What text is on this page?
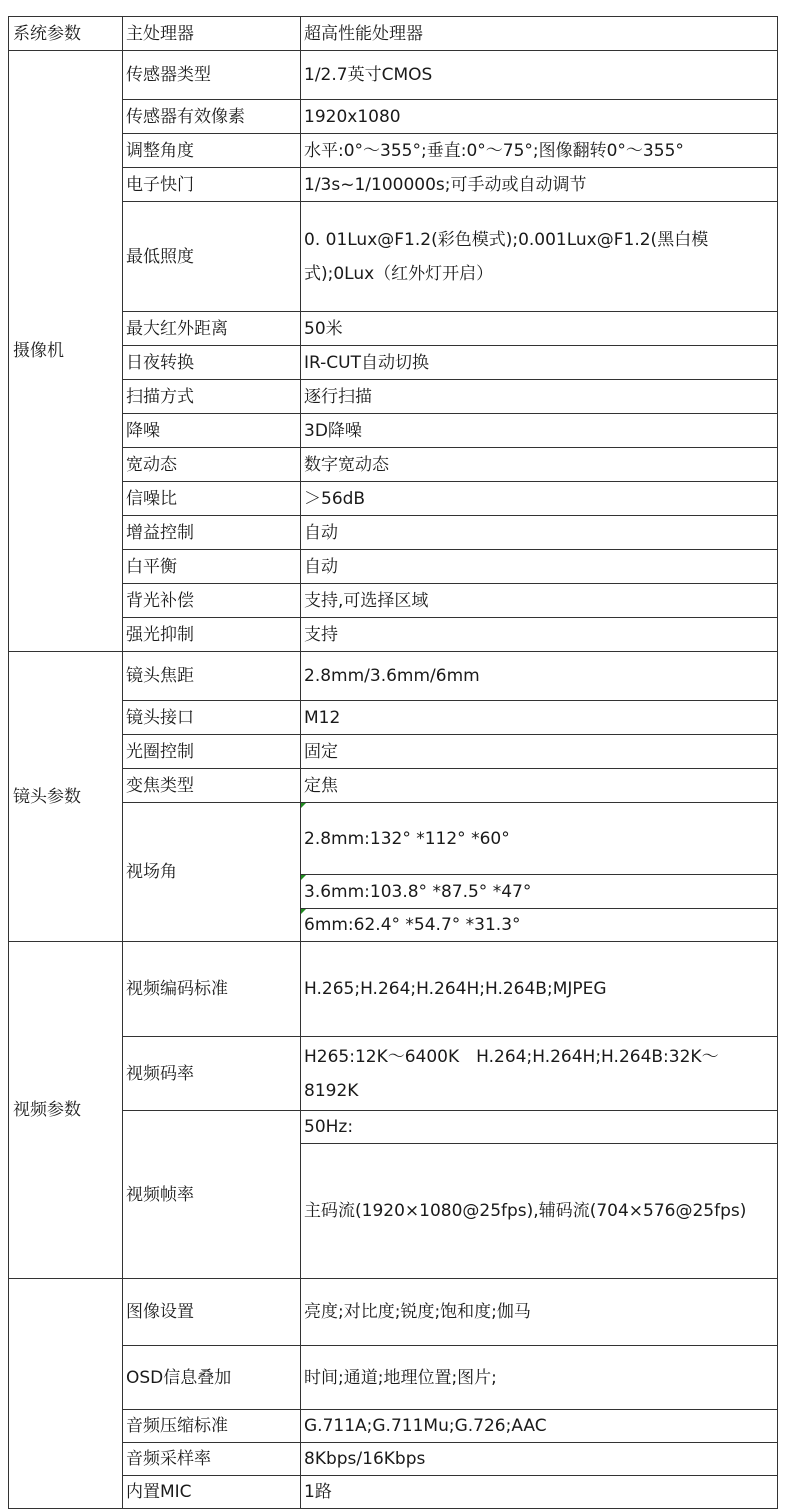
系统参数	主处理器	超高性能处理器
摄像机	传感器类型	1/2.7英寸CMOS
	传感器有效像素	1920x1080
	调整角度	水平:0°～355°;垂直:0°～75°;图像翻转0°～355°
	电子快门	1/3s~1/100000s;可手动或自动调节
	最低照度	0. 01Lux@F1.2(彩色模式);0.001Lux@F1.2(黑白模式);0Lux（红外灯开启）
	最大红外距离	50米
	日夜转换	IR-CUT自动切换
	扫描方式	逐行扫描
	降噪	3D降噪
	宽动态	数字宽动态
	信噪比	＞56dB
	增益控制	自动
	白平衡	自动
	背光补偿	支持,可选择区域
	强光抑制	支持
镜头参数	镜头焦距	2.8mm/3.6mm/6mm
	镜头接口	M12
	光圈控制	固定
	变焦类型	定焦
	视场角	2.8mm:132° *112° *60°
		3.6mm:103.8° *87.5° *47°
		6mm:62.4° *54.7° *31.3°
视频参数	视频编码标准	H.265;H.264;H.264H;H.264B;MJPEG
	视频码率	H265:12K～6400K　H.264;H.264H;H.264B:32K～8192K
	视频帧率	50Hz:
		主码流(1920×1080@25fps),辅码流(704×576@25fps)
	图像设置	亮度;对比度;锐度;饱和度;伽马
	OSD信息叠加	时间;通道;地理位置;图片;
	音频压缩标准	G.711A;G.711Mu;G.726;AAC
	音频采样率	8Kbps/16Kbps
	内置MIC	1路
